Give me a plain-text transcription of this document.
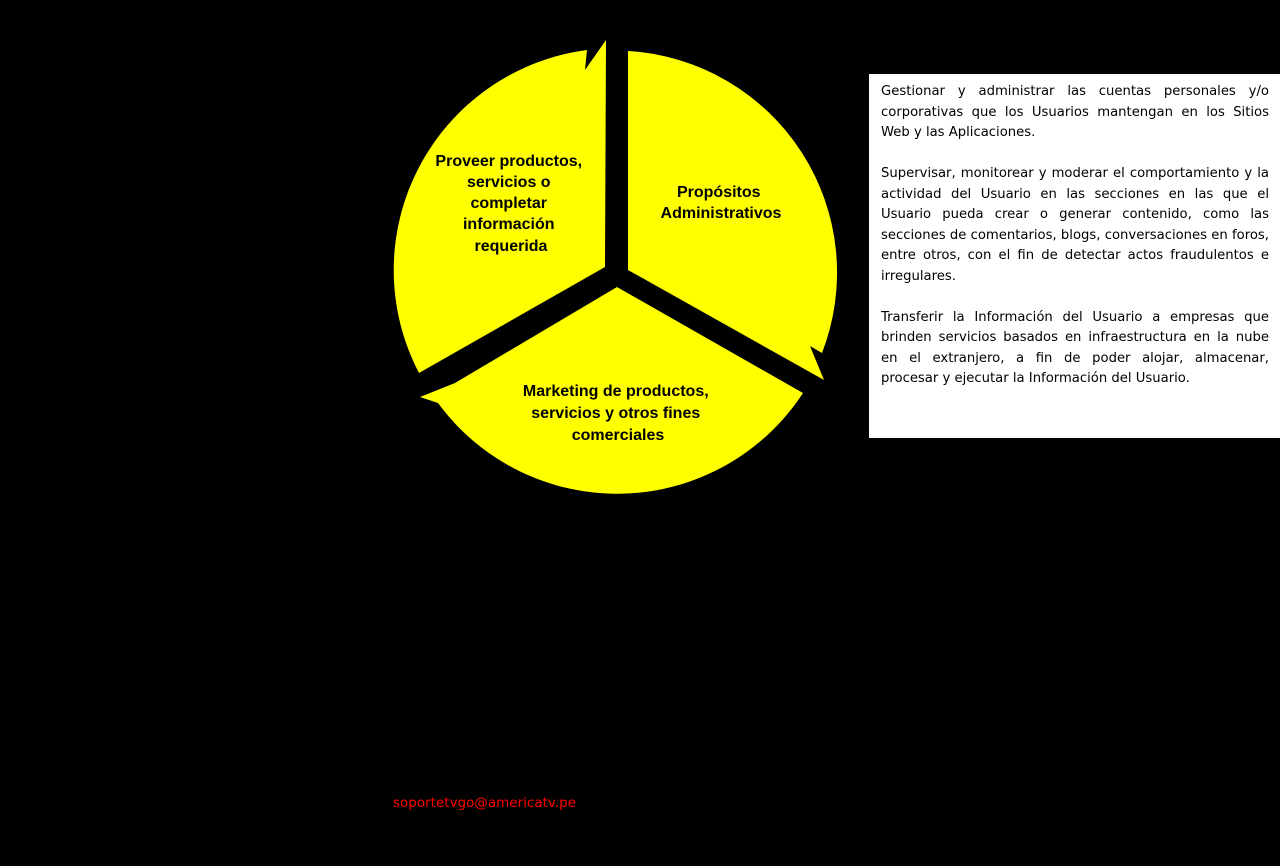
Proveer productos, servicios o completar información requerida
Propósitos Administrativos
Marketing de productos, servicios y otros fines comerciales

Gestionar y administrar las cuentas personales y/o corporativas que los Usuarios mantengan en los Sitios Web y las Aplicaciones.

Supervisar, monitorear y moderar el comportamiento y la actividad del Usuario en las secciones en las que el Usuario pueda crear o generar contenido, como las secciones de comentarios, blogs, conversaciones en foros, entre otros, con el fin de detectar actos fraudulentos e irregulares.

Transferir la Información del Usuario a empresas que brinden servicios basados en infraestructura en la nube en el extranjero, a fin de poder alojar, almacenar, procesar y ejecutar la Información del Usuario.

soportetvgo@americatv.pe
